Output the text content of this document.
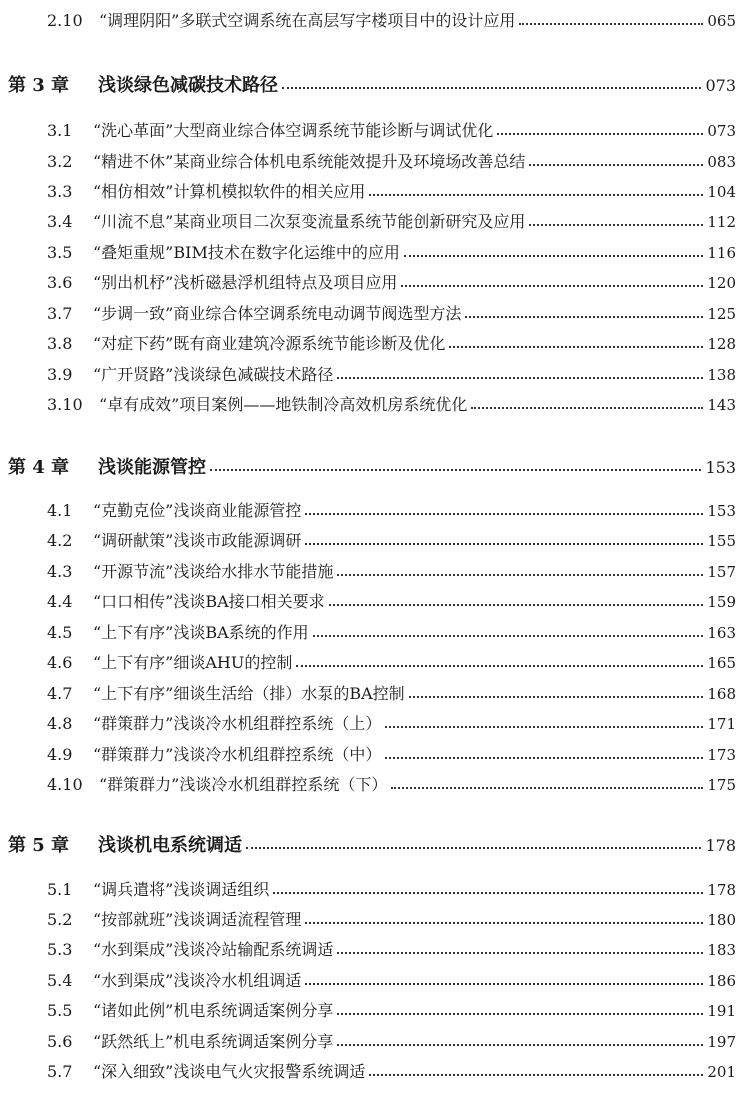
2.10	“调理阴阳”多联式空调系统在高层写字楼项目中的设计应用	065
第 3 章	浅谈绿色减碳技术路径	073
3.1	“洗心革面”大型商业综合体空调系统节能诊断与调试优化	073
3.2	“精进不休”某商业综合体机电系统能效提升及环境场改善总结	083
3.3	“相仿相效”计算机模拟软件的相关应用	104
3.4	“川流不息”某商业项目二次泵变流量系统节能创新研究及应用	112
3.5	“叠矩重规”BIM技术在数字化运维中的应用	116
3.6	“别出机杼”浅析磁悬浮机组特点及项目应用	120
3.7	“步调一致”商业综合体空调系统电动调节阀选型方法	125
3.8	“对症下药”既有商业建筑冷源系统节能诊断及优化	128
3.9	“广开贤路”浅谈绿色减碳技术路径	138
3.10	“卓有成效”项目案例——地铁制冷高效机房系统优化	143
第 4 章	浅谈能源管控	153
4.1	“克勤克俭”浅谈商业能源管控	153
4.2	“调研献策”浅谈市政能源调研	155
4.3	“开源节流”浅谈给水排水节能措施	157
4.4	“口口相传”浅谈BA接口相关要求	159
4.5	“上下有序”浅谈BA系统的作用	163
4.6	“上下有序”细谈AHU的控制	165
4.7	“上下有序”细谈生活给（排）水泵的BA控制	168
4.8	“群策群力”浅谈冷水机组群控系统（上）	171
4.9	“群策群力”浅谈冷水机组群控系统（中）	173
4.10	“群策群力”浅谈冷水机组群控系统（下）	175
第 5 章	浅谈机电系统调适	178
5.1	“调兵遣将”浅谈调适组织	178
5.2	“按部就班”浅谈调适流程管理	180
5.3	“水到渠成”浅谈冷站输配系统调适	183
5.4	“水到渠成”浅谈冷水机组调适	186
5.5	“诸如此例”机电系统调适案例分享	191
5.6	“跃然纸上”机电系统调适案例分享	197
5.7	“深入细致”浅谈电气火灾报警系统调适	201
